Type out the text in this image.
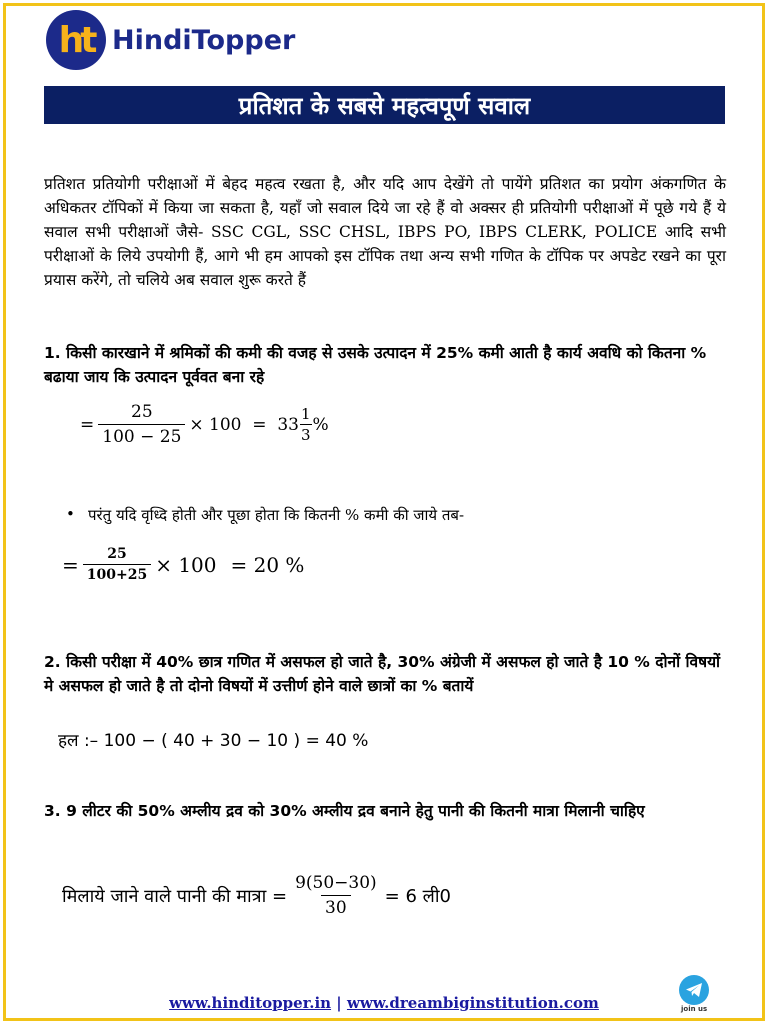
ht HindiTopper
प्रतिशत के सबसे महत्वपूर्ण सवाल

प्रतिशत प्रतियोगी परीक्षाओं में बेहद महत्व रखता है, और यदि आप देखेंगे तो पायेंगे प्रतिशत का प्रयोग अंकगणित के अधिकतर टॉपिकों में किया जा सकता है, यहाँ जो सवाल दिये जा रहे हैं वो अक्सर ही प्रतियोगी परीक्षाओं में पूछे गये हैं ये सवाल सभी परीक्षाओं जैसे- SSC CGL, SSC CHSL, IBPS PO, IBPS CLERK, POLICE आदि सभी परीक्षाओं के लिये उपयोगी हैं, आगे भी हम आपको इस टॉपिक तथा अन्य सभी गणित के टॉपिक पर अपडेट रखने का पूरा प्रयास करेंगे, तो चलिये अब सवाल शुरू करते हैं

1. किसी कारखाने में श्रमिकों की कमी की वजह से उसके उत्पादन में 25% कमी आती है कार्य अवधि को कितना % बढाया जाय कि उत्पादन पूर्ववत बना रहे

= $\frac{25}{100 - 25} \times 100 = 33 \frac{1}{3}$ %
• परंतु यदि वृध्दि होती और पूछा होता कि कितनी % कमी की जाये तब-
= $\frac{25}{100+25} \times 100 = 20$ %

2. किसी परीक्षा में 40% छात्र गणित में असफल हो जाते है, 30% अंग्रेजी में असफल हो जाते है 10 % दोनों विषयों मे असफल हो जाते है तो दोनो विषयों में उत्तीर्ण होने वाले छात्रों का % बतायें

हल :– 100 − ( 40 + 30 − 10 ) = 40 %

3. 9 लीटर की 50% अम्लीय द्रव को 30% अम्लीय द्रव बनाने हेतु पानी की कितनी मात्रा मिलानी चाहिए

मिलाये जाने वाले पानी की मात्रा = $\frac{9(50-30)}{30} = 6$ ली0
www.hinditopper.in | www.dreambiginstitution.com	join us
